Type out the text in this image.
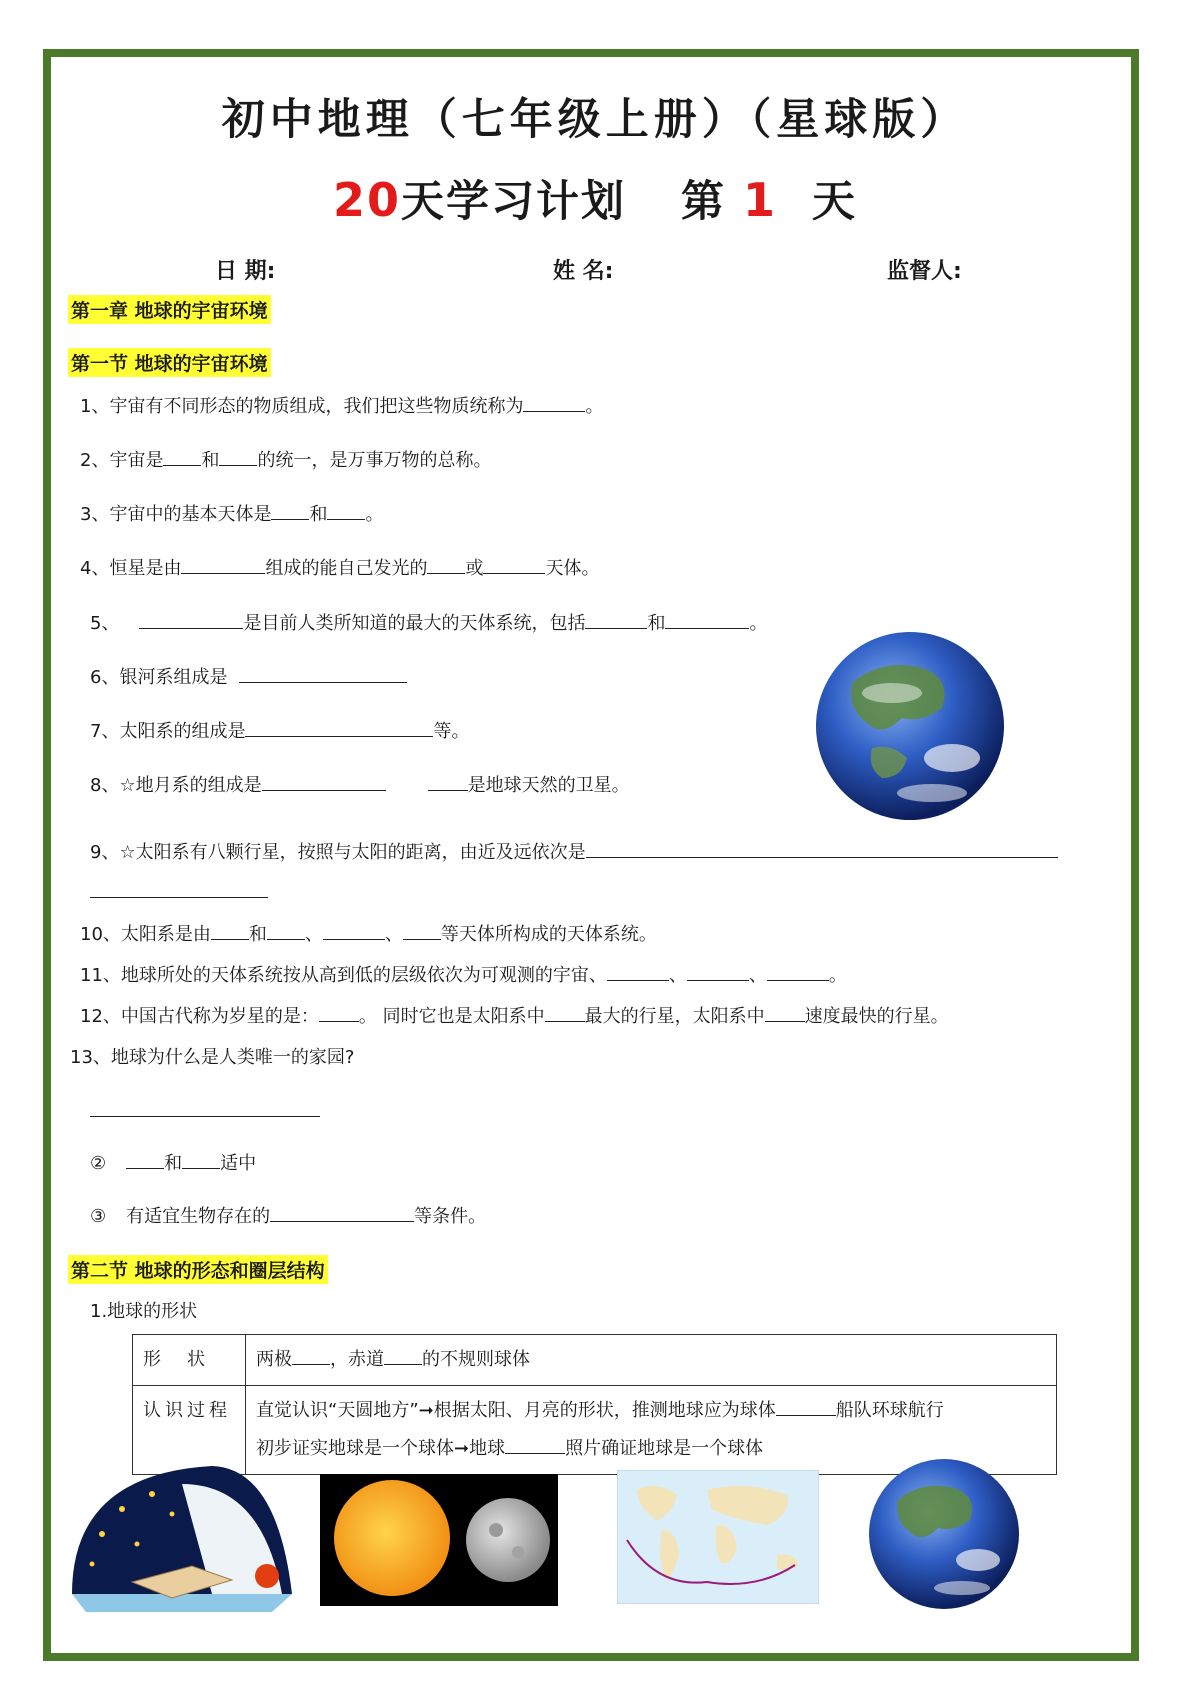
初中地理（七年级上册）（星球版）
20天学习计划 第 1 天
日 期:	姓 名:	监督人:
第一章 地球的宇宙环境
第一节 地球的宇宙环境
1、宇宙有不同形态的物质组成，我们把这些物质统称为	。
2、宇宙是 和 的统一，是万事万物的总称。
3、宇宙中的基本天体是 和 。
4、恒星是由	组成的能自己发光的 或	天体。
5、	是目前人类所知道的最大的天体系统，包括	和	。
6、银河系组成是
7、太阳系的组成是	等。
8、☆地月系的组成是	是地球天然的卫星。
9、☆太阳系有八颗行星，按照与太阳的距离，由近及远依次是
10、太阳系是由 和 、	、 等天体所构成的天体系统。
11、地球所处的天体系统按从高到低的层级依次为可观测的宇宙、	、	、	。
12、中国古代称为岁星的是： 。 同时它也是太阳系中 最大的行星，太阳系中 速度最快的行星。
13、地球为什么是人类唯一的家园?
②	和 适中
③ 有适宜生物存在的	等条件。
第二节 地球的形态和圈层结构
1.地球的形状
形　状	两极 ，赤道 的不规则球体
认识过程	直觉认识“天圆地方”➞根据太阳、月亮的形状，推测地球应为球体 船队环球航行
初步证实地球是一个球体➞地球 照片确证地球是一个球体
